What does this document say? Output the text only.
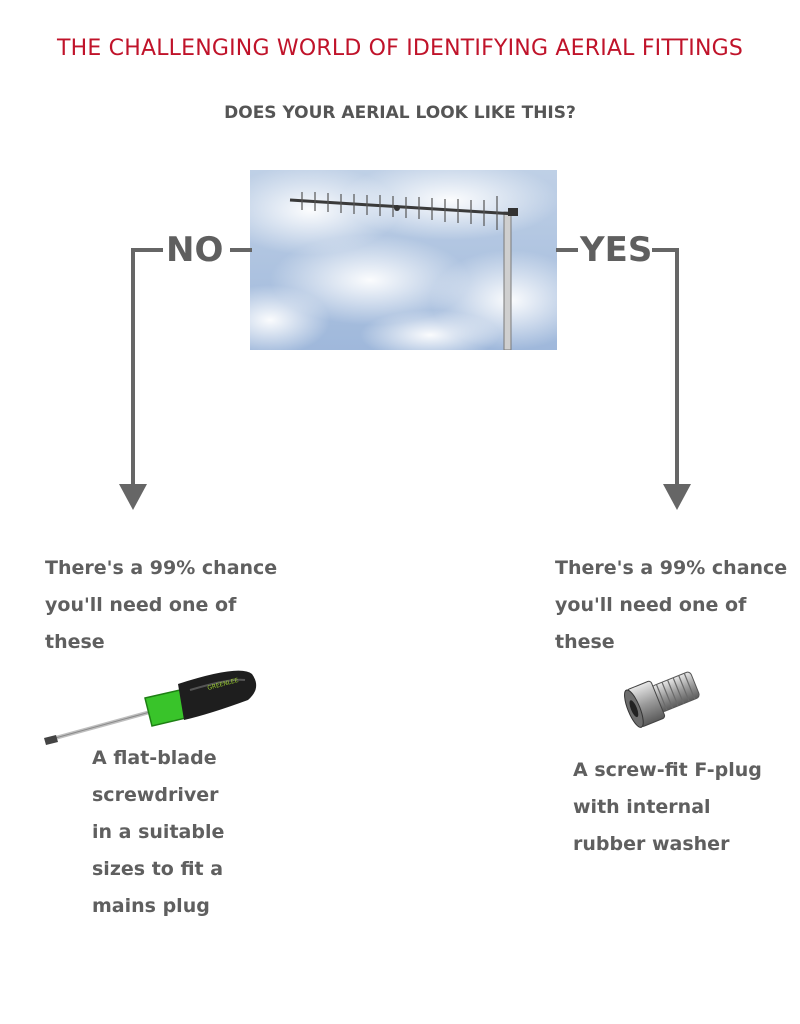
THE CHALLENGING WORLD OF IDENTIFYING AERIAL FITTINGS
DOES YOUR AERIAL LOOK LIKE THIS?
NO	YES
There's a 99% chance
you'll need one of
these
GREENLEE
A flat-blade
screwdriver
in a suitable
sizes to fit a
mains plug
There's a 99% chance
you'll need one of
these
A screw-fit F-plug
with internal
rubber washer
